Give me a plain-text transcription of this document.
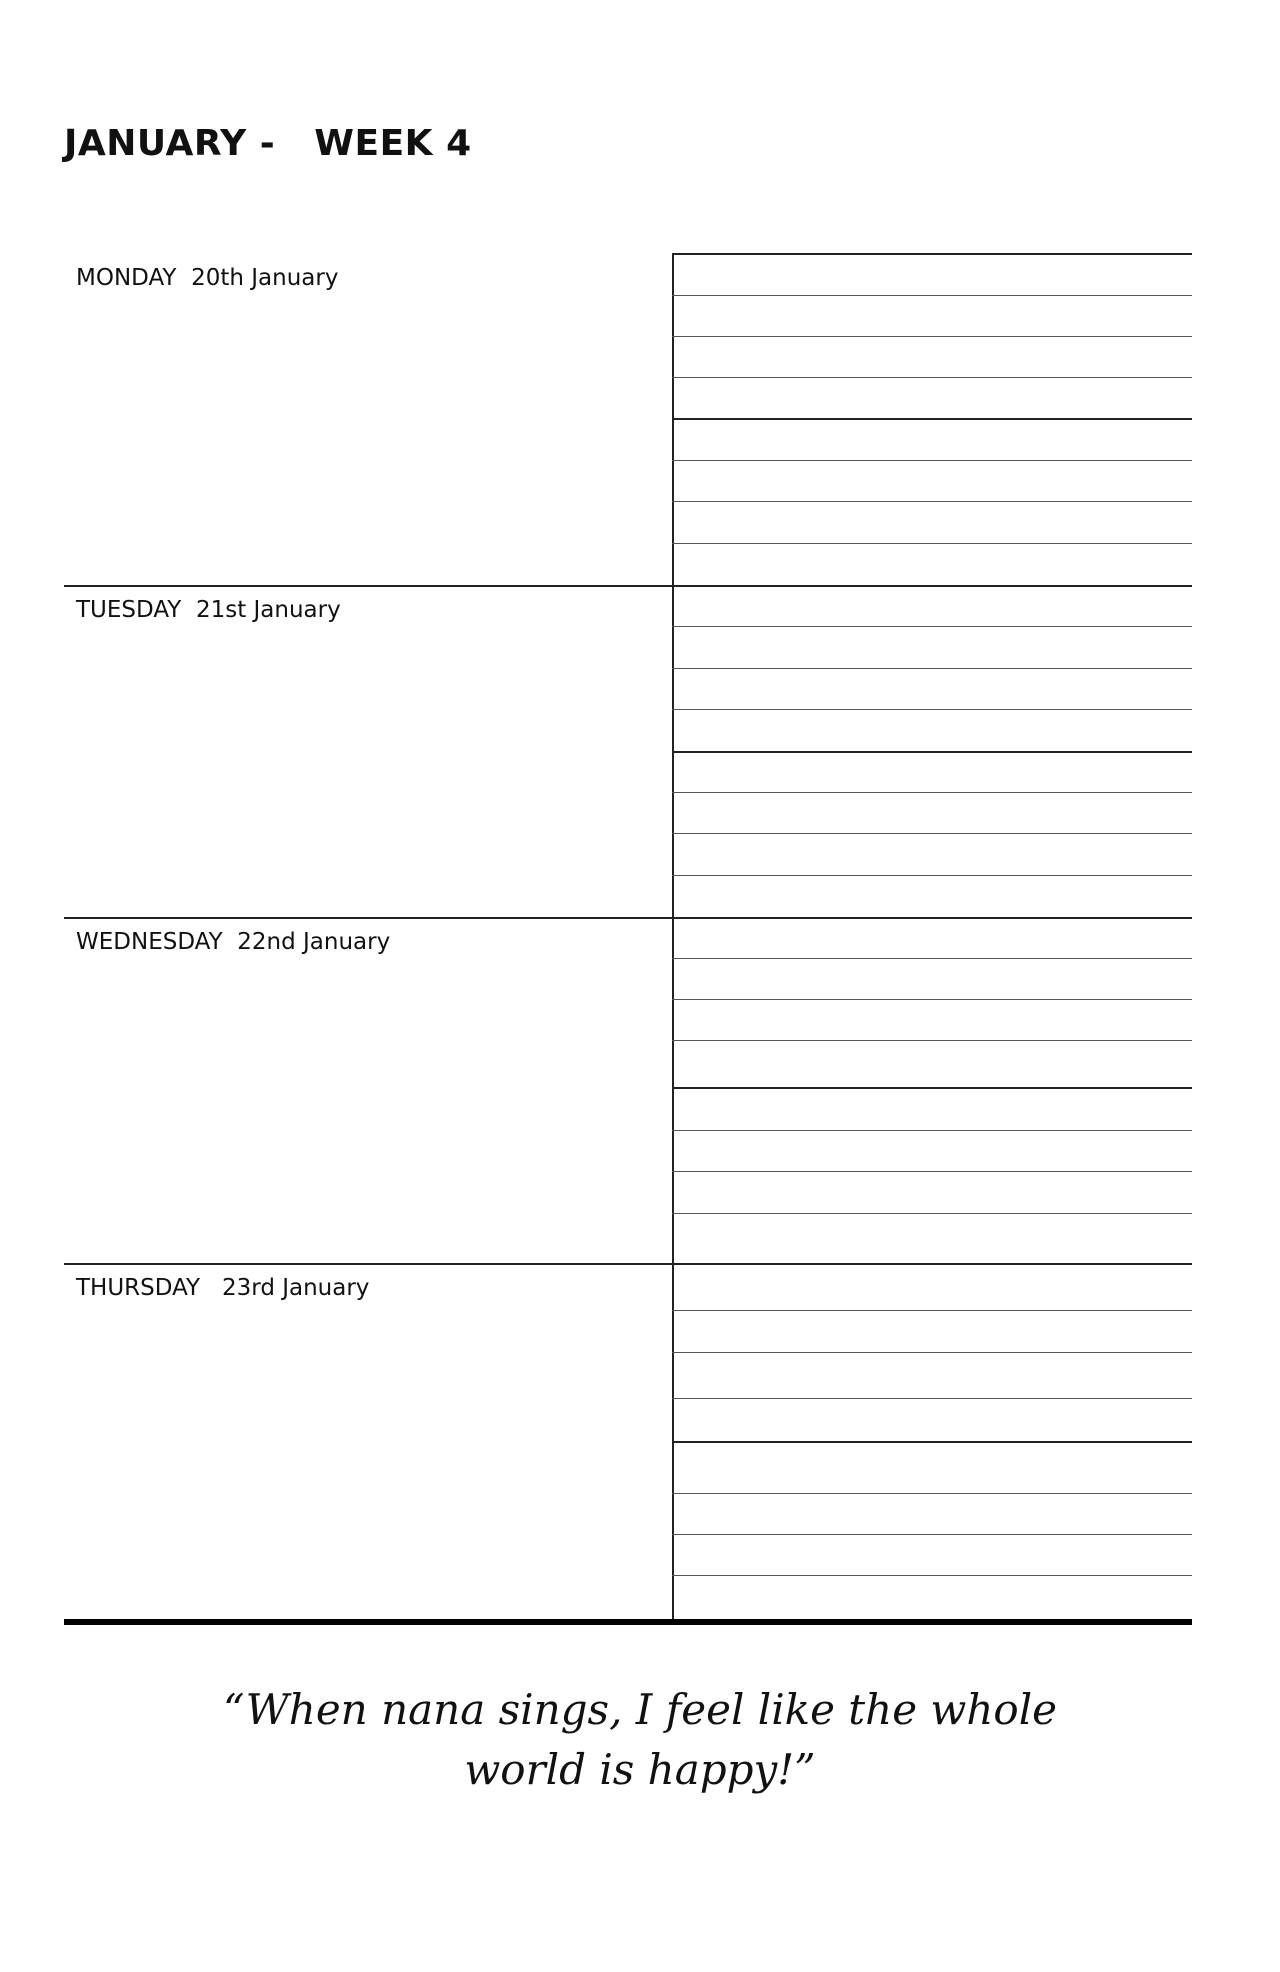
JANUARY -   WEEK 4
MONDAY  20th January
TUESDAY  21st January
WEDNESDAY  22nd January
THURSDAY   23rd January
“When nana sings, I feel like the whole
world is happy!”
